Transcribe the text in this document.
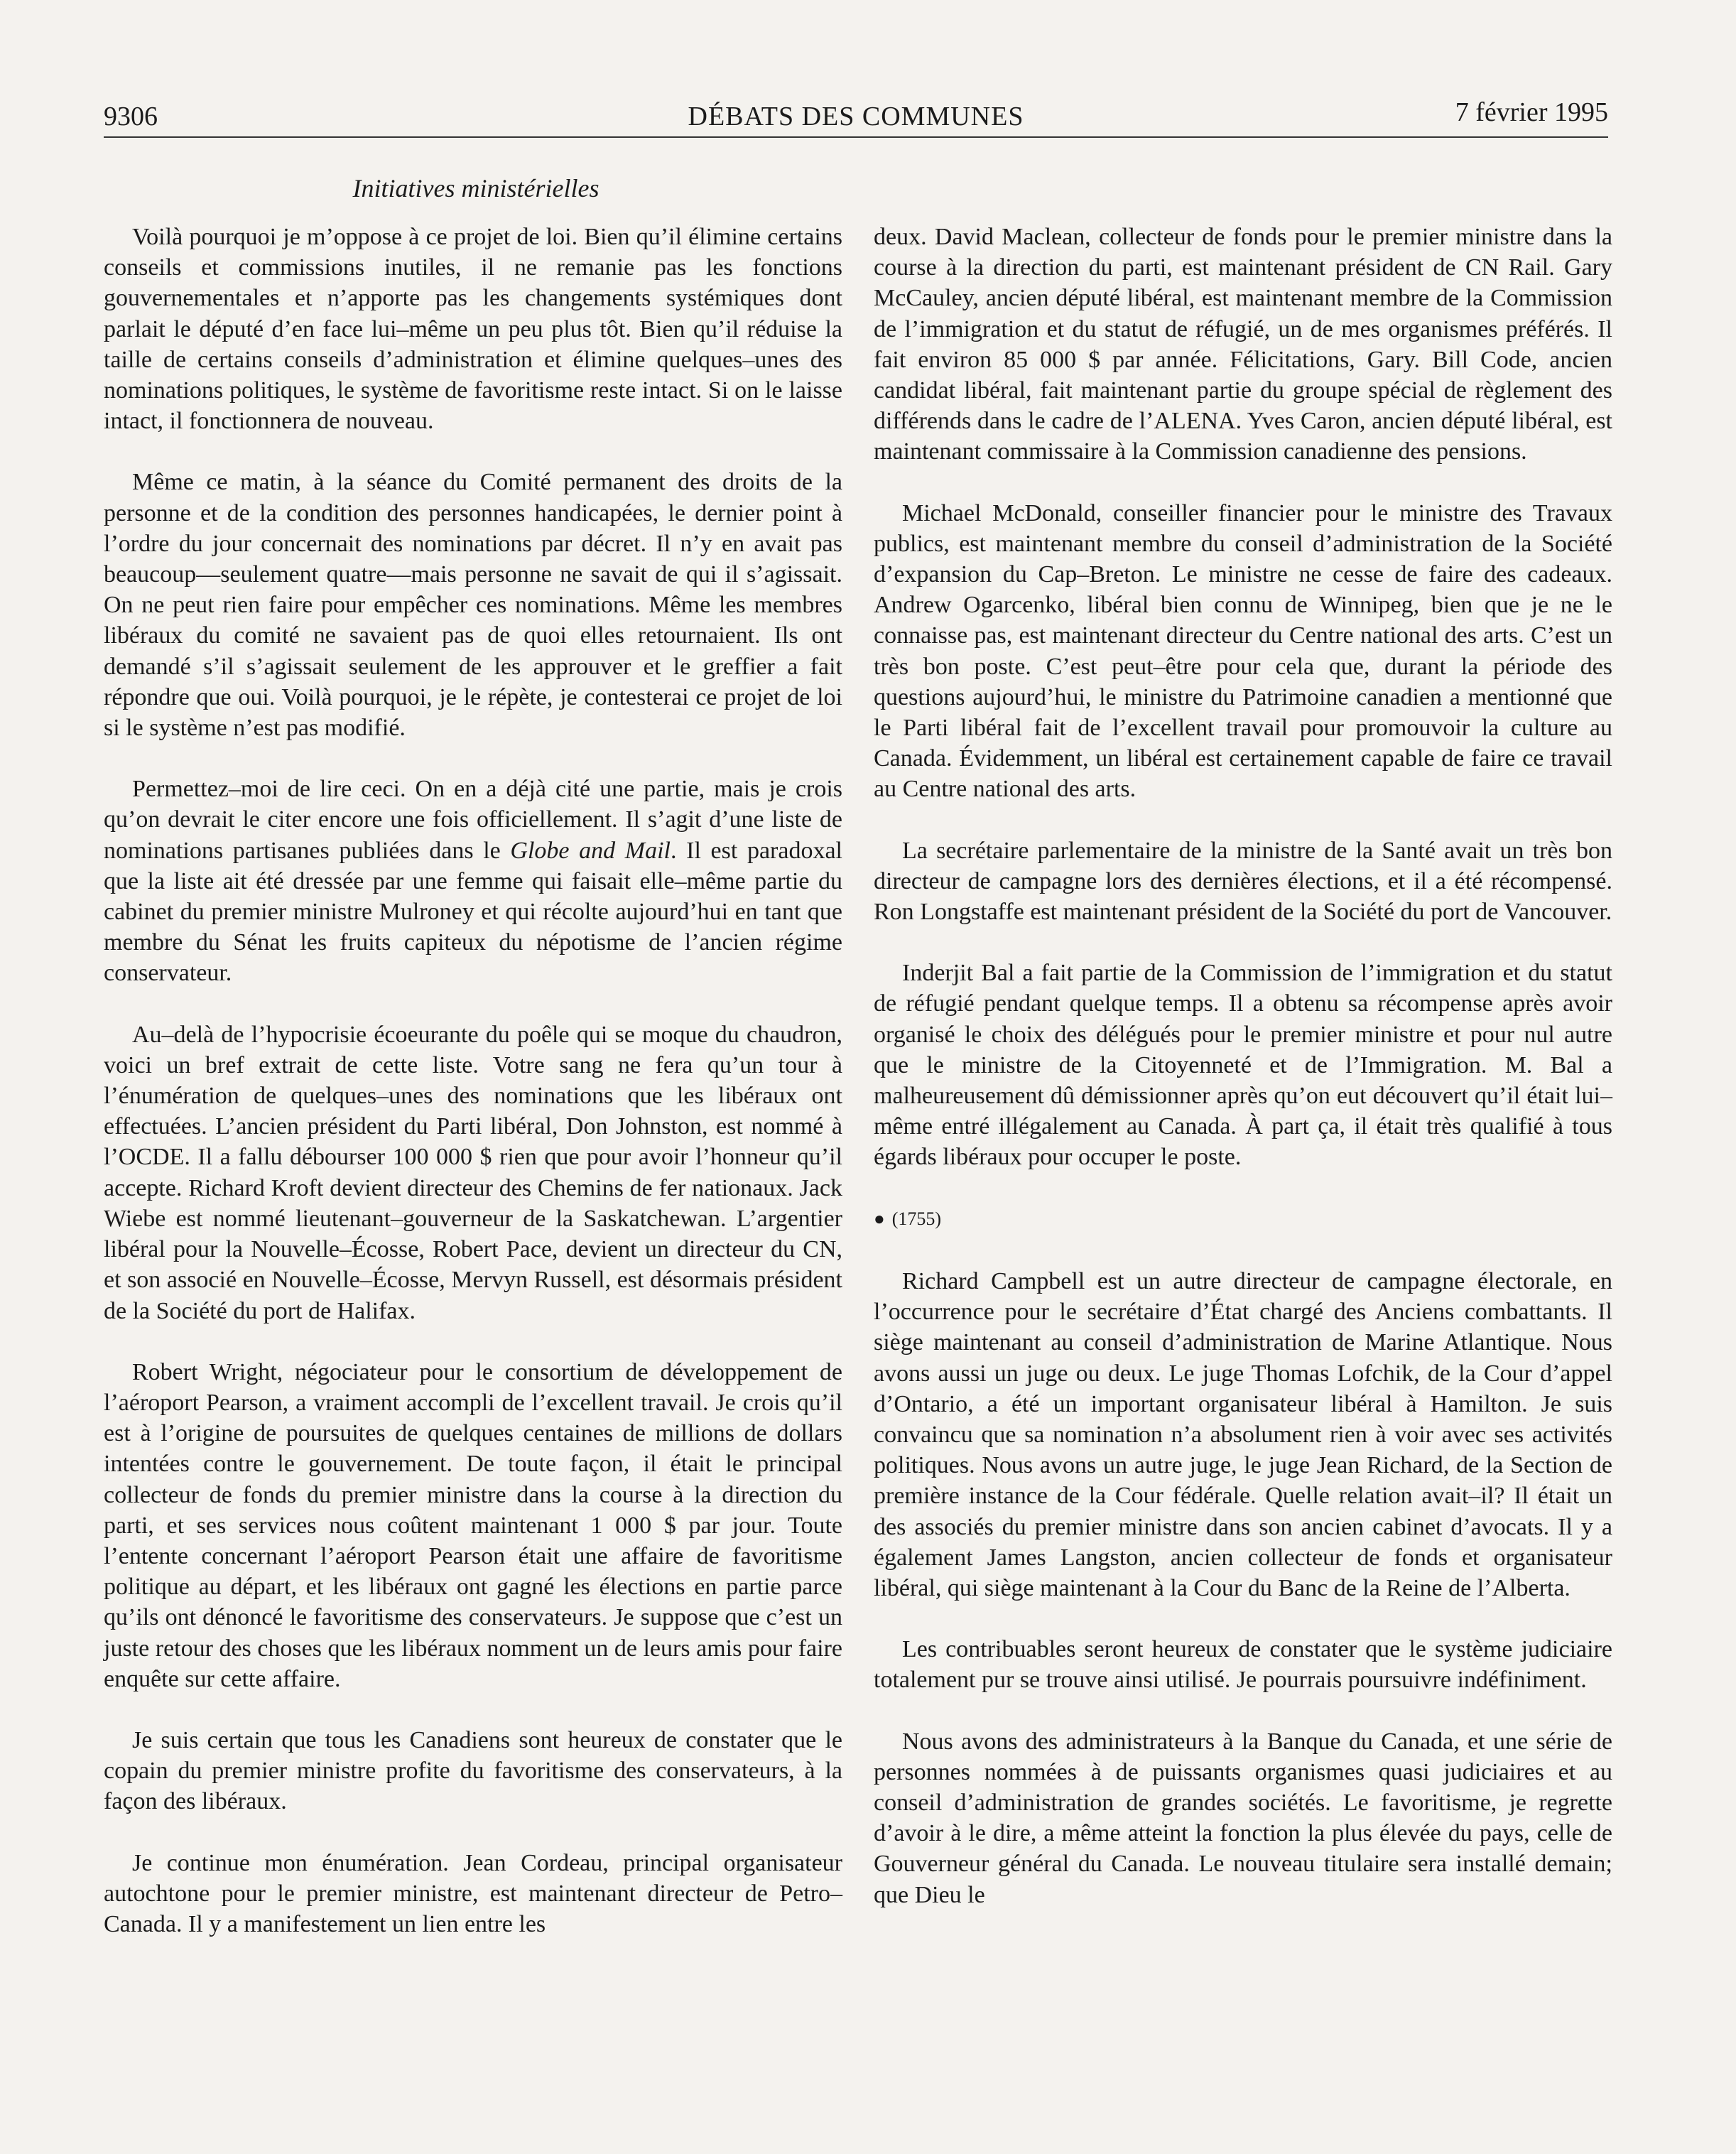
9306	DÉBATS DES COMMUNES	7 février 1995
Initiatives ministérielles

Voilà pourquoi je m’oppose à ce projet de loi. Bien qu’il élimine certains conseils et commissions inutiles, il ne remanie pas les fonctions gouvernementales et n’apporte pas les changements systémiques dont parlait le député d’en face lui–même un peu plus tôt. Bien qu’il réduise la taille de certains conseils d’administration et élimine quelques–unes des nominations politiques, le système de favoritisme reste intact. Si on le laisse intact, il fonctionnera de nouveau.

Même ce matin, à la séance du Comité permanent des droits de la personne et de la condition des personnes handicapées, le dernier point à l’ordre du jour concernait des nominations par décret. Il n’y en avait pas beaucoup—seulement quatre—mais personne ne savait de qui il s’agissait. On ne peut rien faire pour empêcher ces nominations. Même les membres libéraux du comité ne savaient pas de quoi elles retournaient. Ils ont demandé s’il s’agissait seulement de les approuver et le greffier a fait répondre que oui. Voilà pourquoi, je le répète, je contesterai ce projet de loi si le système n’est pas modifié.

Permettez–moi de lire ceci. On en a déjà cité une partie, mais je crois qu’on devrait le citer encore une fois officiellement. Il s’agit d’une liste de nominations partisanes publiées dans le Globe and Mail. Il est paradoxal que la liste ait été dressée par une femme qui faisait elle–même partie du cabinet du premier ministre Mulroney et qui récolte aujourd’hui en tant que membre du Sénat les fruits capiteux du népotisme de l’ancien régime conservateur.

Au–delà de l’hypocrisie écoeurante du poêle qui se moque du chaudron, voici un bref extrait de cette liste. Votre sang ne fera qu’un tour à l’énumération de quelques–unes des nominations que les libéraux ont effectuées. L’ancien président du Parti libéral, Don Johnston, est nommé à l’OCDE. Il a fallu débourser 100 000 $ rien que pour avoir l’honneur qu’il accepte. Richard Kroft devient directeur des Chemins de fer nationaux. Jack Wiebe est nommé lieutenant–gouverneur de la Saskatchewan. L’argentier libéral pour la Nouvelle–Écosse, Robert Pace, devient un directeur du CN, et son associé en Nouvelle–Écosse, Mervyn Russell, est désormais président de la Société du port de Halifax.

Robert Wright, négociateur pour le consortium de développement de l’aéroport Pearson, a vraiment accompli de l’excellent travail. Je crois qu’il est à l’origine de poursuites de quelques centaines de millions de dollars intentées contre le gouvernement. De toute façon, il était le principal collecteur de fonds du premier ministre dans la course à la direction du parti, et ses services nous coûtent maintenant 1 000 $ par jour. Toute l’entente concernant l’aéroport Pearson était une affaire de favoritisme politique au départ, et les libéraux ont gagné les élections en partie parce qu’ils ont dénoncé le favoritisme des conservateurs. Je suppose que c’est un juste retour des choses que les libéraux nomment un de leurs amis pour faire enquête sur cette affaire.

Je suis certain que tous les Canadiens sont heureux de constater que le copain du premier ministre profite du favoritisme des conservateurs, à la façon des libéraux.

Je continue mon énumération. Jean Cordeau, principal organisateur autochtone pour le premier ministre, est maintenant directeur de Petro–Canada. Il y a manifestement un lien entre les

deux. David Maclean, collecteur de fonds pour le premier ministre dans la course à la direction du parti, est maintenant président de CN Rail. Gary McCauley, ancien député libéral, est maintenant membre de la Commission de l’immigration et du statut de réfugié, un de mes organismes préférés. Il fait environ 85 000 $ par année. Félicitations, Gary. Bill Code, ancien candidat libéral, fait maintenant partie du groupe spécial de règlement des différends dans le cadre de l’ALENA. Yves Caron, ancien député libéral, est maintenant commissaire à la Commission canadienne des pensions.

Michael McDonald, conseiller financier pour le ministre des Travaux publics, est maintenant membre du conseil d’administration de la Société d’expansion du Cap–Breton. Le ministre ne cesse de faire des cadeaux. Andrew Ogarcenko, libéral bien connu de Winnipeg, bien que je ne le connaisse pas, est maintenant directeur du Centre national des arts. C’est un très bon poste. C’est peut–être pour cela que, durant la période des questions aujourd’hui, le ministre du Patrimoine canadien a mentionné que le Parti libéral fait de l’excellent travail pour promouvoir la culture au Canada. Évidemment, un libéral est certainement capable de faire ce travail au Centre national des arts.

La secrétaire parlementaire de la ministre de la Santé avait un très bon directeur de campagne lors des dernières élections, et il a été récompensé. Ron Longstaffe est maintenant président de la Société du port de Vancouver.

Inderjit Bal a fait partie de la Commission de l’immigration et du statut de réfugié pendant quelque temps. Il a obtenu sa récompense après avoir organisé le choix des délégués pour le premier ministre et pour nul autre que le ministre de la Citoyenneté et de l’Immigration. M. Bal a malheureusement dû démissionner après qu’on eut découvert qu’il était lui–même entré illégalement au Canada. À part ça, il était très qualifié à tous égards libéraux pour occuper le poste.

● (1755)

Richard Campbell est un autre directeur de campagne électorale, en l’occurrence pour le secrétaire d’État chargé des Anciens combattants. Il siège maintenant au conseil d’administration de Marine Atlantique. Nous avons aussi un juge ou deux. Le juge Thomas Lofchik, de la Cour d’appel d’Ontario, a été un important organisateur libéral à Hamilton. Je suis convaincu que sa nomination n’a absolument rien à voir avec ses activités politiques. Nous avons un autre juge, le juge Jean Richard, de la Section de première instance de la Cour fédérale. Quelle relation avait–il? Il était un des associés du premier ministre dans son ancien cabinet d’avocats. Il y a également James Langston, ancien collecteur de fonds et organisateur libéral, qui siège maintenant à la Cour du Banc de la Reine de l’Alberta.

Les contribuables seront heureux de constater que le système judiciaire totalement pur se trouve ainsi utilisé. Je pourrais poursuivre indéfiniment.

Nous avons des administrateurs à la Banque du Canada, et une série de personnes nommées à de puissants organismes quasi judiciaires et au conseil d’administration de grandes sociétés. Le favoritisme, je regrette d’avoir à le dire, a même atteint la fonction la plus élevée du pays, celle de Gouverneur général du Canada. Le nouveau titulaire sera installé demain; que Dieu le
